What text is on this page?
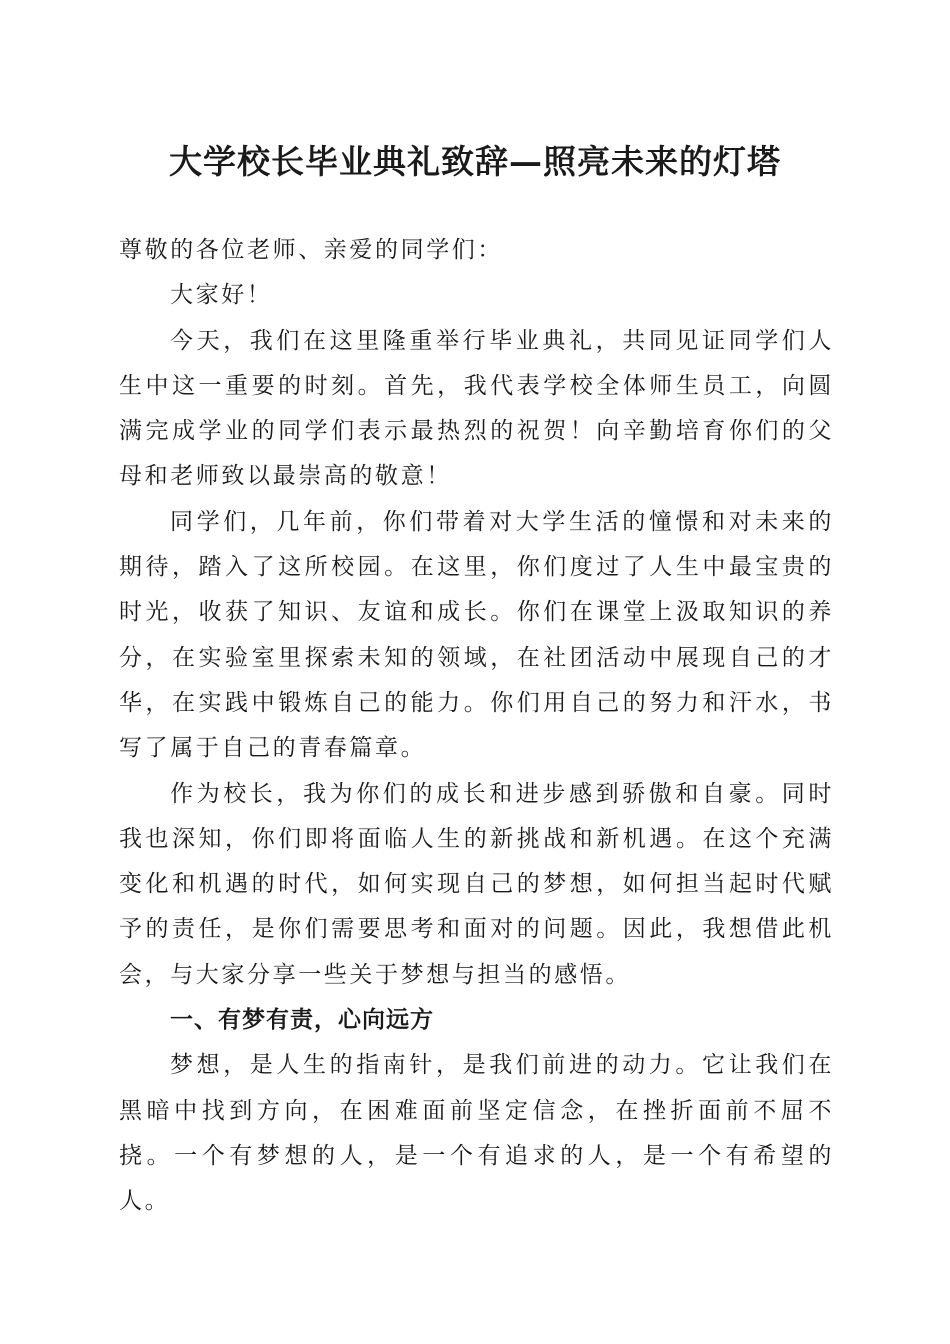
大学校长毕业典礼致辞—照亮未来的灯塔

尊敬的各位老师、亲爱的同学们：

大家好！

今天，我们在这里隆重举行毕业典礼，共同见证同学们人生中这一重要的时刻。首先，我代表学校全体师生员工，向圆满完成学业的同学们表示最热烈的祝贺！向辛勤培育你们的父母和老师致以最崇高的敬意！

同学们，几年前，你们带着对大学生活的憧憬和对未来的期待，踏入了这所校园。在这里，你们度过了人生中最宝贵的时光，收获了知识、友谊和成长。你们在课堂上汲取知识的养分，在实验室里探索未知的领域，在社团活动中展现自己的才华，在实践中锻炼自己的能力。你们用自己的努力和汗水，书写了属于自己的青春篇章。

作为校长，我为你们的成长和进步感到骄傲和自豪。同时我也深知，你们即将面临人生的新挑战和新机遇。在这个充满变化和机遇的时代，如何实现自己的梦想，如何担当起时代赋予的责任，是你们需要思考和面对的问题。因此，我想借此机会，与大家分享一些关于梦想与担当的感悟。

一、有梦有责，心向远方

梦想，是人生的指南针，是我们前进的动力。它让我们在黑暗中找到方向，在困难面前坚定信念，在挫折面前不屈不挠。一个有梦想的人，是一个有追求的人，是一个有希望的人。
